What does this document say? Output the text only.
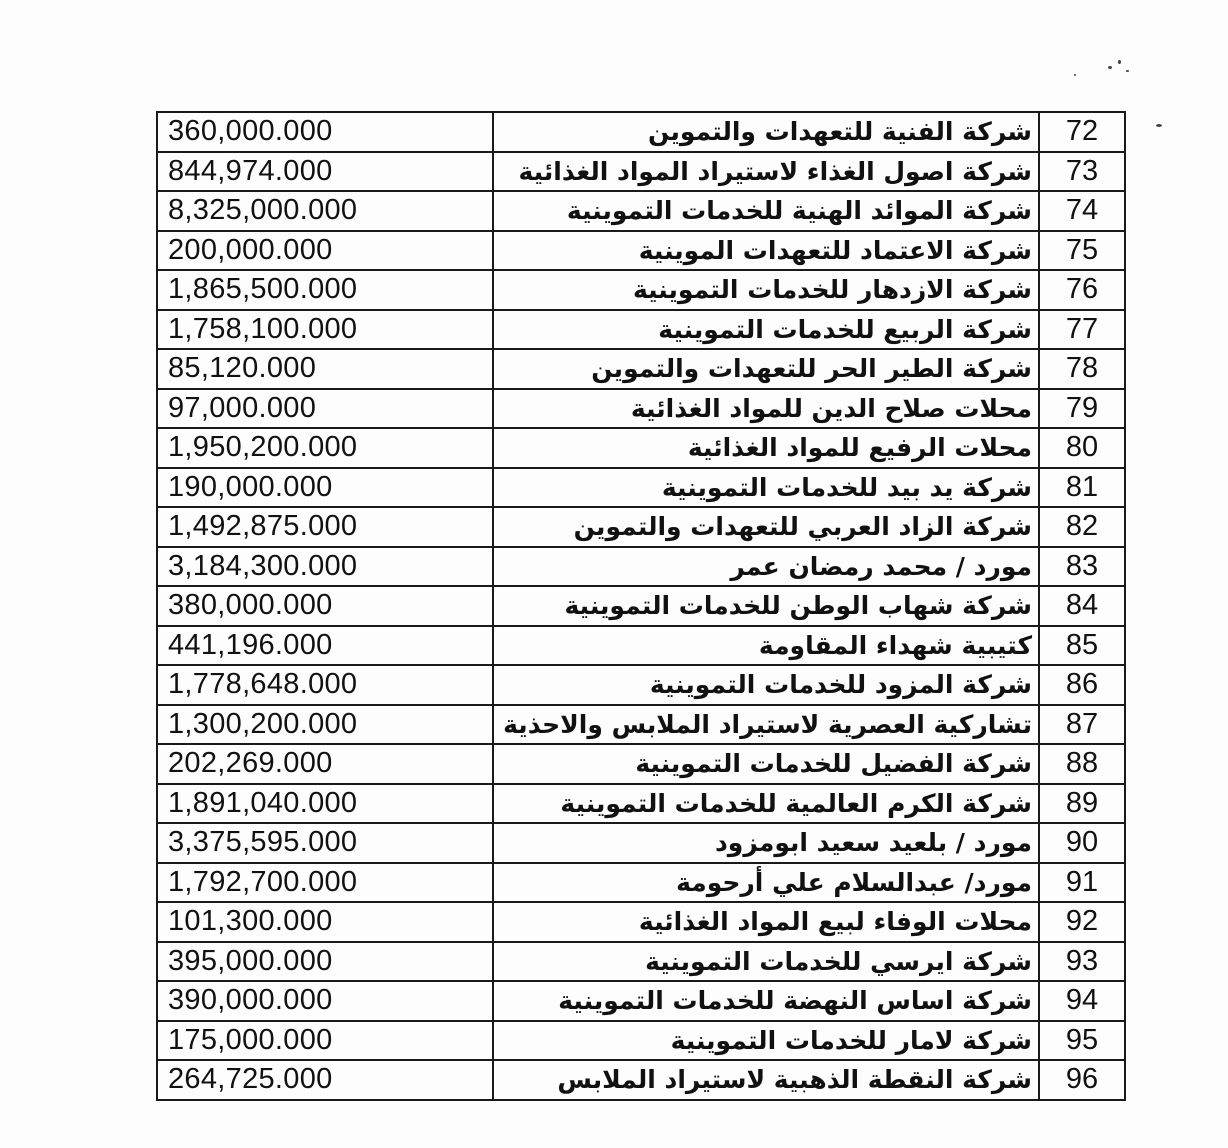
360,000.000	شركة الفنية للتعهدات والتموين	72
844,974.000	شركة اصول الغذاء لاستيراد المواد الغذائية	73
8,325,000.000	شركة الموائد الهنية للخدمات التموينية	74
200,000.000	شركة الاعتماد للتعهدات الموينية	75
1,865,500.000	شركة الازدهار للخدمات التموينية	76
1,758,100.000	شركة الربيع للخدمات التموينية	77
85,120.000	شركة الطير الحر للتعهدات والتموين	78
97,000.000	محلات صلاح الدين للمواد الغذائية	79
1,950,200.000	محلات الرفيع للمواد الغذائية	80
190,000.000	شركة يد بيد للخدمات التموينية	81
1,492,875.000	شركة الزاد العربي للتعهدات والتموين	82
3,184,300.000	مورد / محمد رمضان عمر	83
380,000.000	شركة شهاب الوطن للخدمات التموينية	84
441,196.000	كتيبية شهداء المقاومة	85
1,778,648.000	شركة المزود للخدمات التموينية	86
1,300,200.000	تشاركية العصرية لاستيراد الملابس والاحذية	87
202,269.000	شركة الفضيل للخدمات التموينية	88
1,891,040.000	شركة الكرم العالمية للخدمات التموينية	89
3,375,595.000	مورد / بلعيد سعيد ابومزود	90
1,792,700.000	مورد/ عبدالسلام علي أرحومة	91
101,300.000	محلات الوفاء لبيع المواد الغذائية	92
395,000.000	شركة ايرسي للخدمات التموينية	93
390,000.000	شركة اساس النهضة للخدمات التموينية	94
175,000.000	شركة لامار للخدمات التموينية	95
264,725.000	شركة النقطة الذهبية لاستيراد الملابس	96
